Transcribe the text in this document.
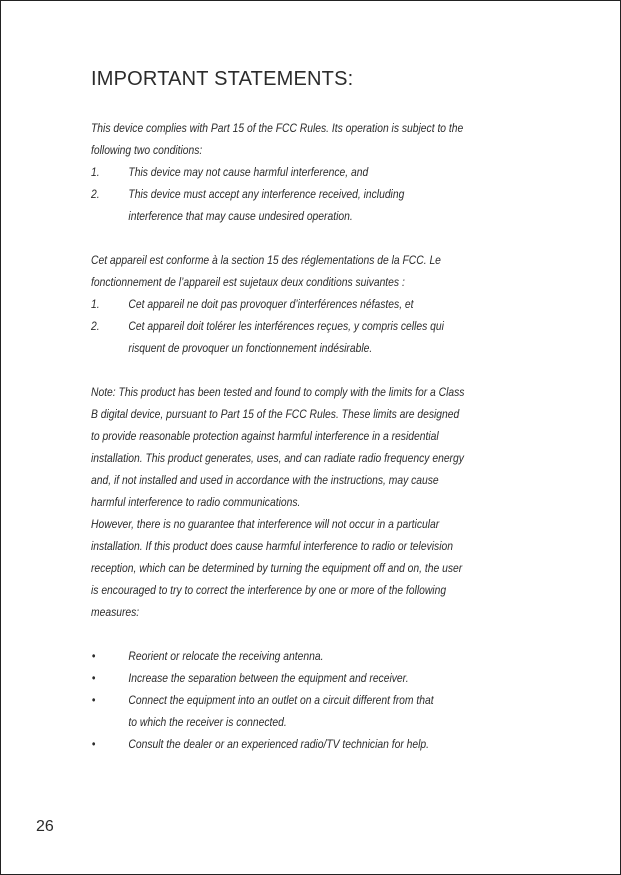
IMPORTANT STATEMENTS:
This device complies with Part 15 of the FCC Rules. Its operation is subject to the
following two conditions:
1. This device may not cause harmful interference, and
2. This device must accept any interference received, including
interference that may cause undesired operation.
Cet appareil est conforme à la section 15 des réglementations de la FCC. Le
fonctionnement de l’appareil est sujetaux deux conditions suivantes :
1. Cet appareil ne doit pas provoquer d’interférences néfastes, et
2. Cet appareil doit tolérer les interférences reçues, y compris celles qui
risquent de provoquer un fonctionnement indésirable.
Note: This product has been tested and found to comply with the limits for a Class
B digital device, pursuant to Part 15 of the FCC Rules. These limits are designed
to provide reasonable protection against harmful interference in a residential
installation. This product generates, uses, and can radiate radio frequency energy
and, if not installed and used in accordance with the instructions, may cause
harmful interference to radio communications.
However, there is no guarantee that interference will not occur in a particular
installation. If this product does cause harmful interference to radio or television
reception, which can be determined by turning the equipment off and on, the user
is encouraged to try to correct the interference by one or more of the following
measures:
•	Reorient or relocate the receiving antenna.
•	Increase the separation between the equipment and receiver.
•	Connect the equipment into an outlet on a circuit different from that
to which the receiver is connected.
•	Consult the dealer or an experienced radio/TV technician for help.
26
